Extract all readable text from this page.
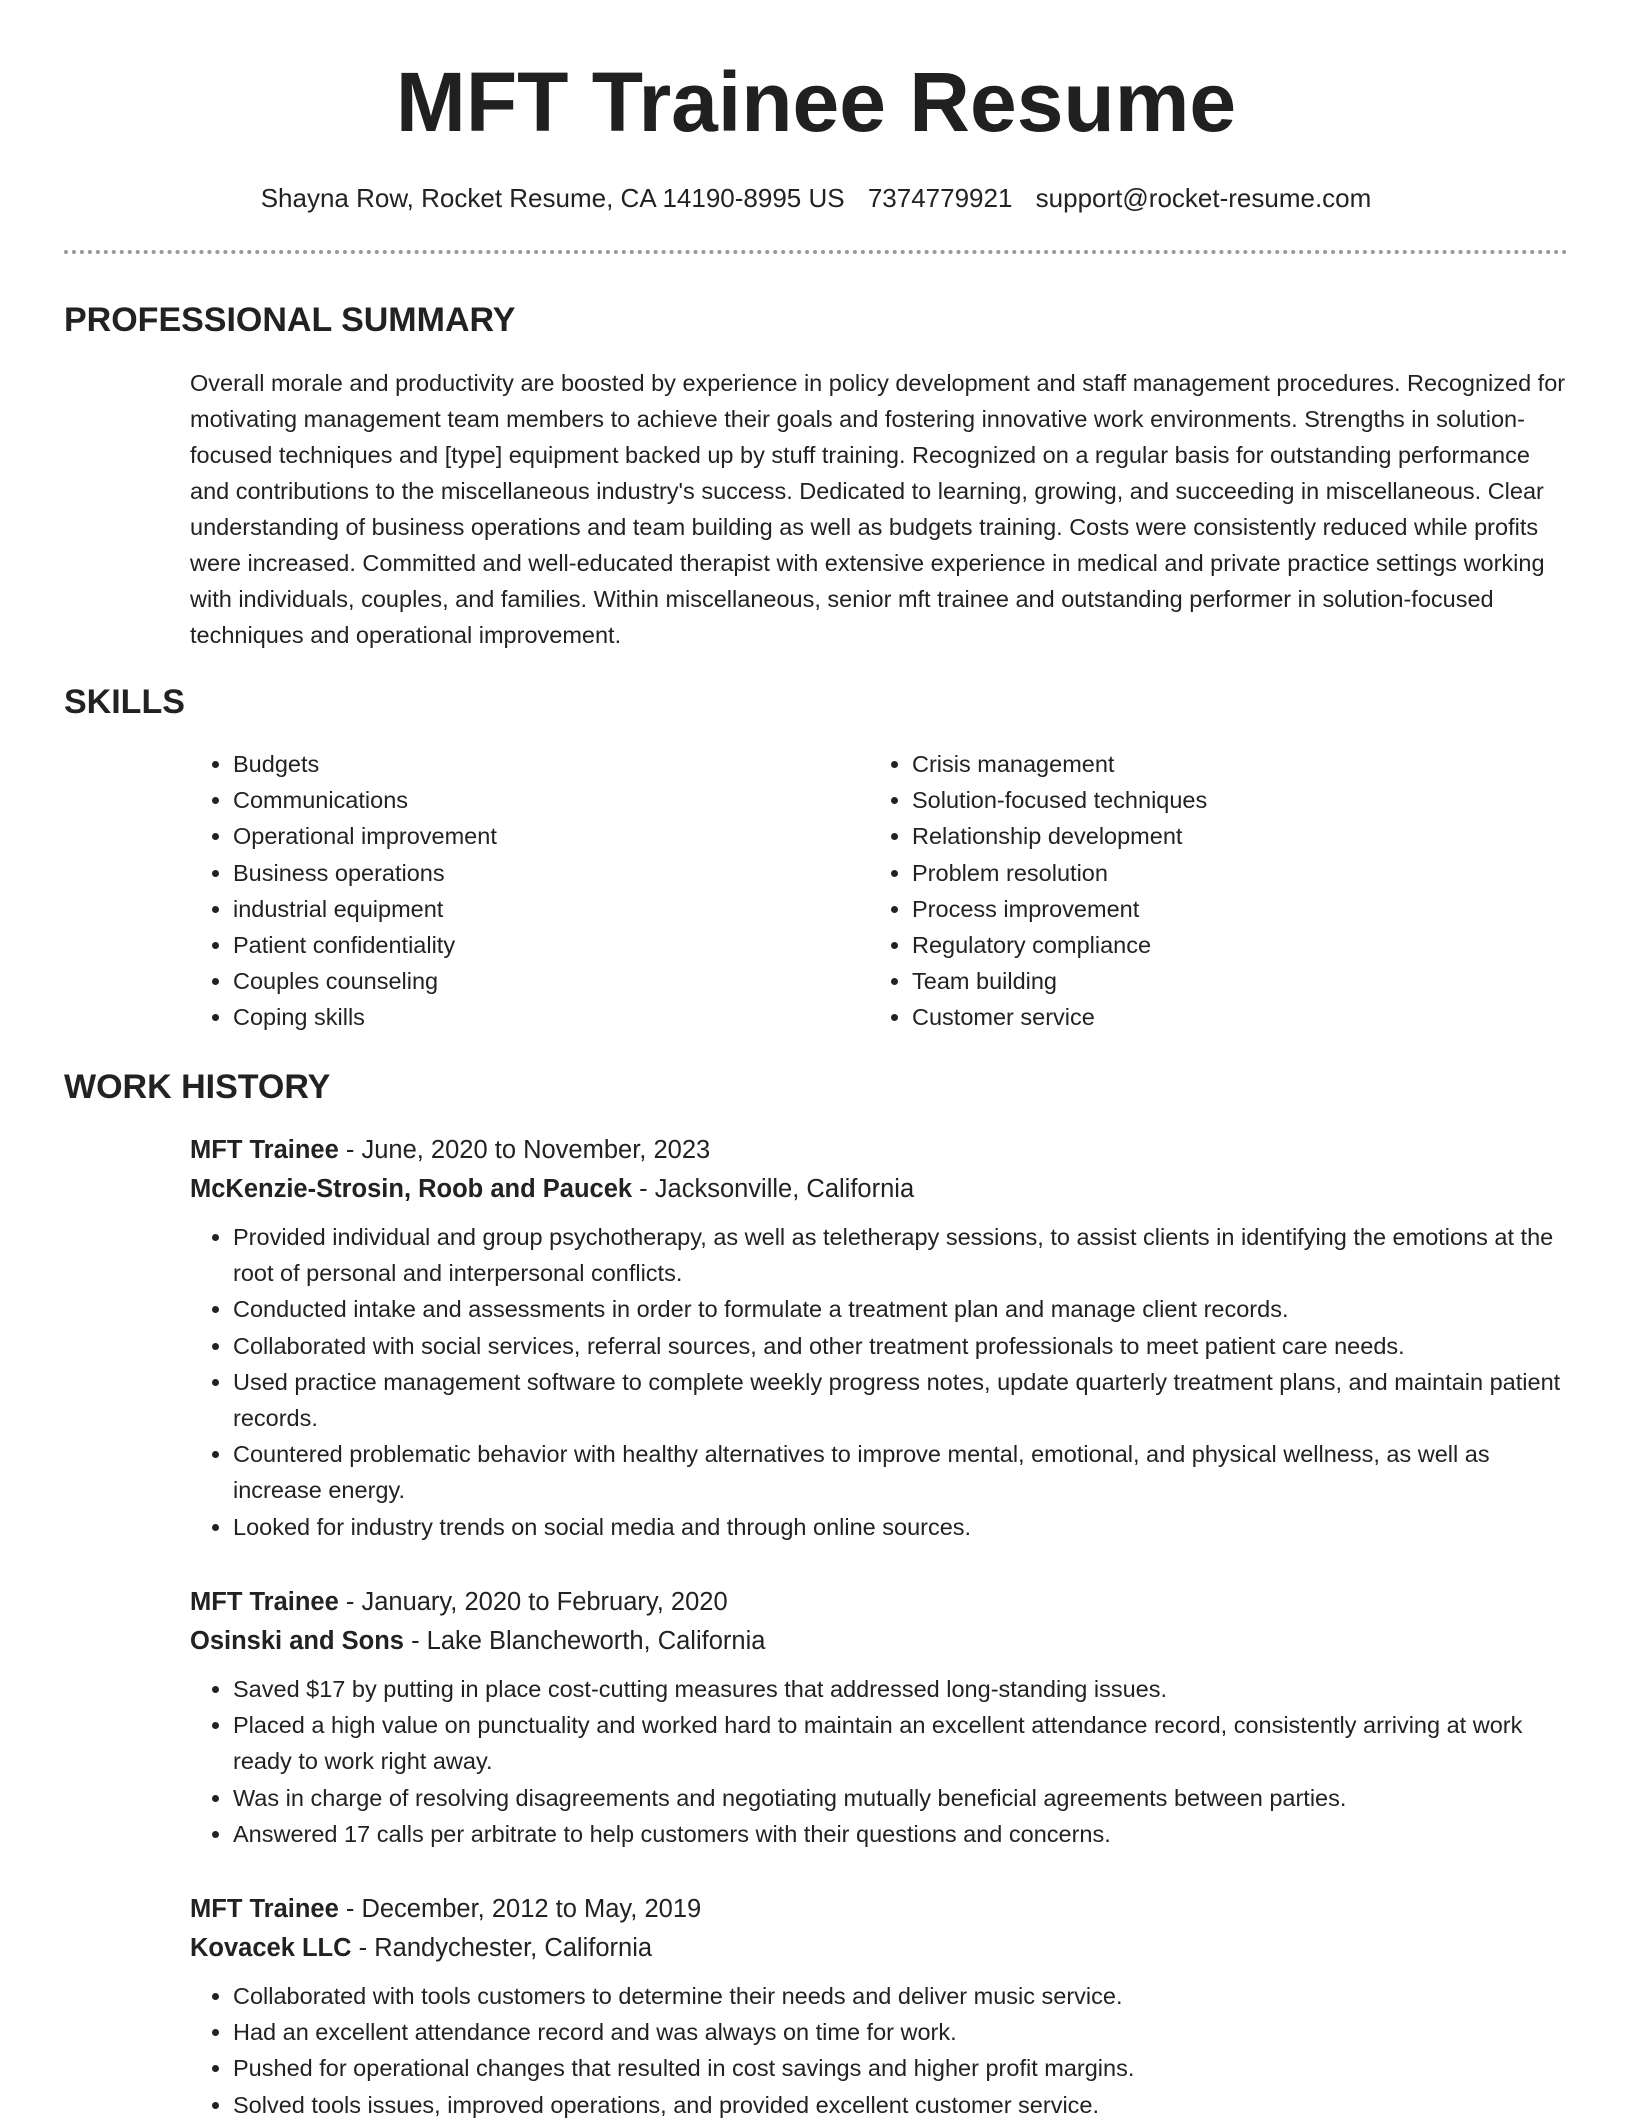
MFT Trainee Resume
Shayna Row, Rocket Resume, CA 14190-8995 US 7374779921 support@rocket-resume.com
PROFESSIONAL SUMMARY

Overall morale and productivity are boosted by experience in policy development and staff management procedures. Recognized for motivating management team members to achieve their goals and fostering innovative work environments. Strengths in solution-focused techniques and [type] equipment backed up by stuff training. Recognized on a regular basis for outstanding performance and contributions to the miscellaneous industry's success. Dedicated to learning, growing, and succeeding in miscellaneous. Clear understanding of business operations and team building as well as budgets training. Costs were consistently reduced while profits were increased. Committed and well-educated therapist with extensive experience in medical and private practice settings working with individuals, couples, and families. Within miscellaneous, senior mft trainee and outstanding performer in solution-focused techniques and operational improvement.

SKILLS
• Budgets
• Communications
• Operational improvement
• Business operations
• industrial equipment
• Patient confidentiality
• Couples counseling
• Coping skills
• Crisis management
• Solution-focused techniques
• Relationship development
• Problem resolution
• Process improvement
• Regulatory compliance
• Team building
• Customer service
WORK HISTORY
MFT Trainee - June, 2020 to November, 2023
McKenzie-Strosin, Roob and Paucek - Jacksonville, California
• Provided individual and group psychotherapy, as well as teletherapy sessions, to assist clients in identifying the emotions at the root of personal and interpersonal conflicts.
• Conducted intake and assessments in order to formulate a treatment plan and manage client records.
• Collaborated with social services, referral sources, and other treatment professionals to meet patient care needs.
• Used practice management software to complete weekly progress notes, update quarterly treatment plans, and maintain patient records.
• Countered problematic behavior with healthy alternatives to improve mental, emotional, and physical wellness, as well as increase energy.
• Looked for industry trends on social media and through online sources.
MFT Trainee - January, 2020 to February, 2020
Osinski and Sons - Lake Blancheworth, California
• Saved $17 by putting in place cost-cutting measures that addressed long-standing issues.
• Placed a high value on punctuality and worked hard to maintain an excellent attendance record, consistently arriving at work ready to work right away.
• Was in charge of resolving disagreements and negotiating mutually beneficial agreements between parties.
• Answered 17 calls per arbitrate to help customers with their questions and concerns.
MFT Trainee - December, 2012 to May, 2019
Kovacek LLC - Randychester, California
• Collaborated with tools customers to determine their needs and deliver music service.
• Had an excellent attendance record and was always on time for work.
• Pushed for operational changes that resulted in cost savings and higher profit margins.
• Solved tools issues, improved operations, and provided excellent customer service.
